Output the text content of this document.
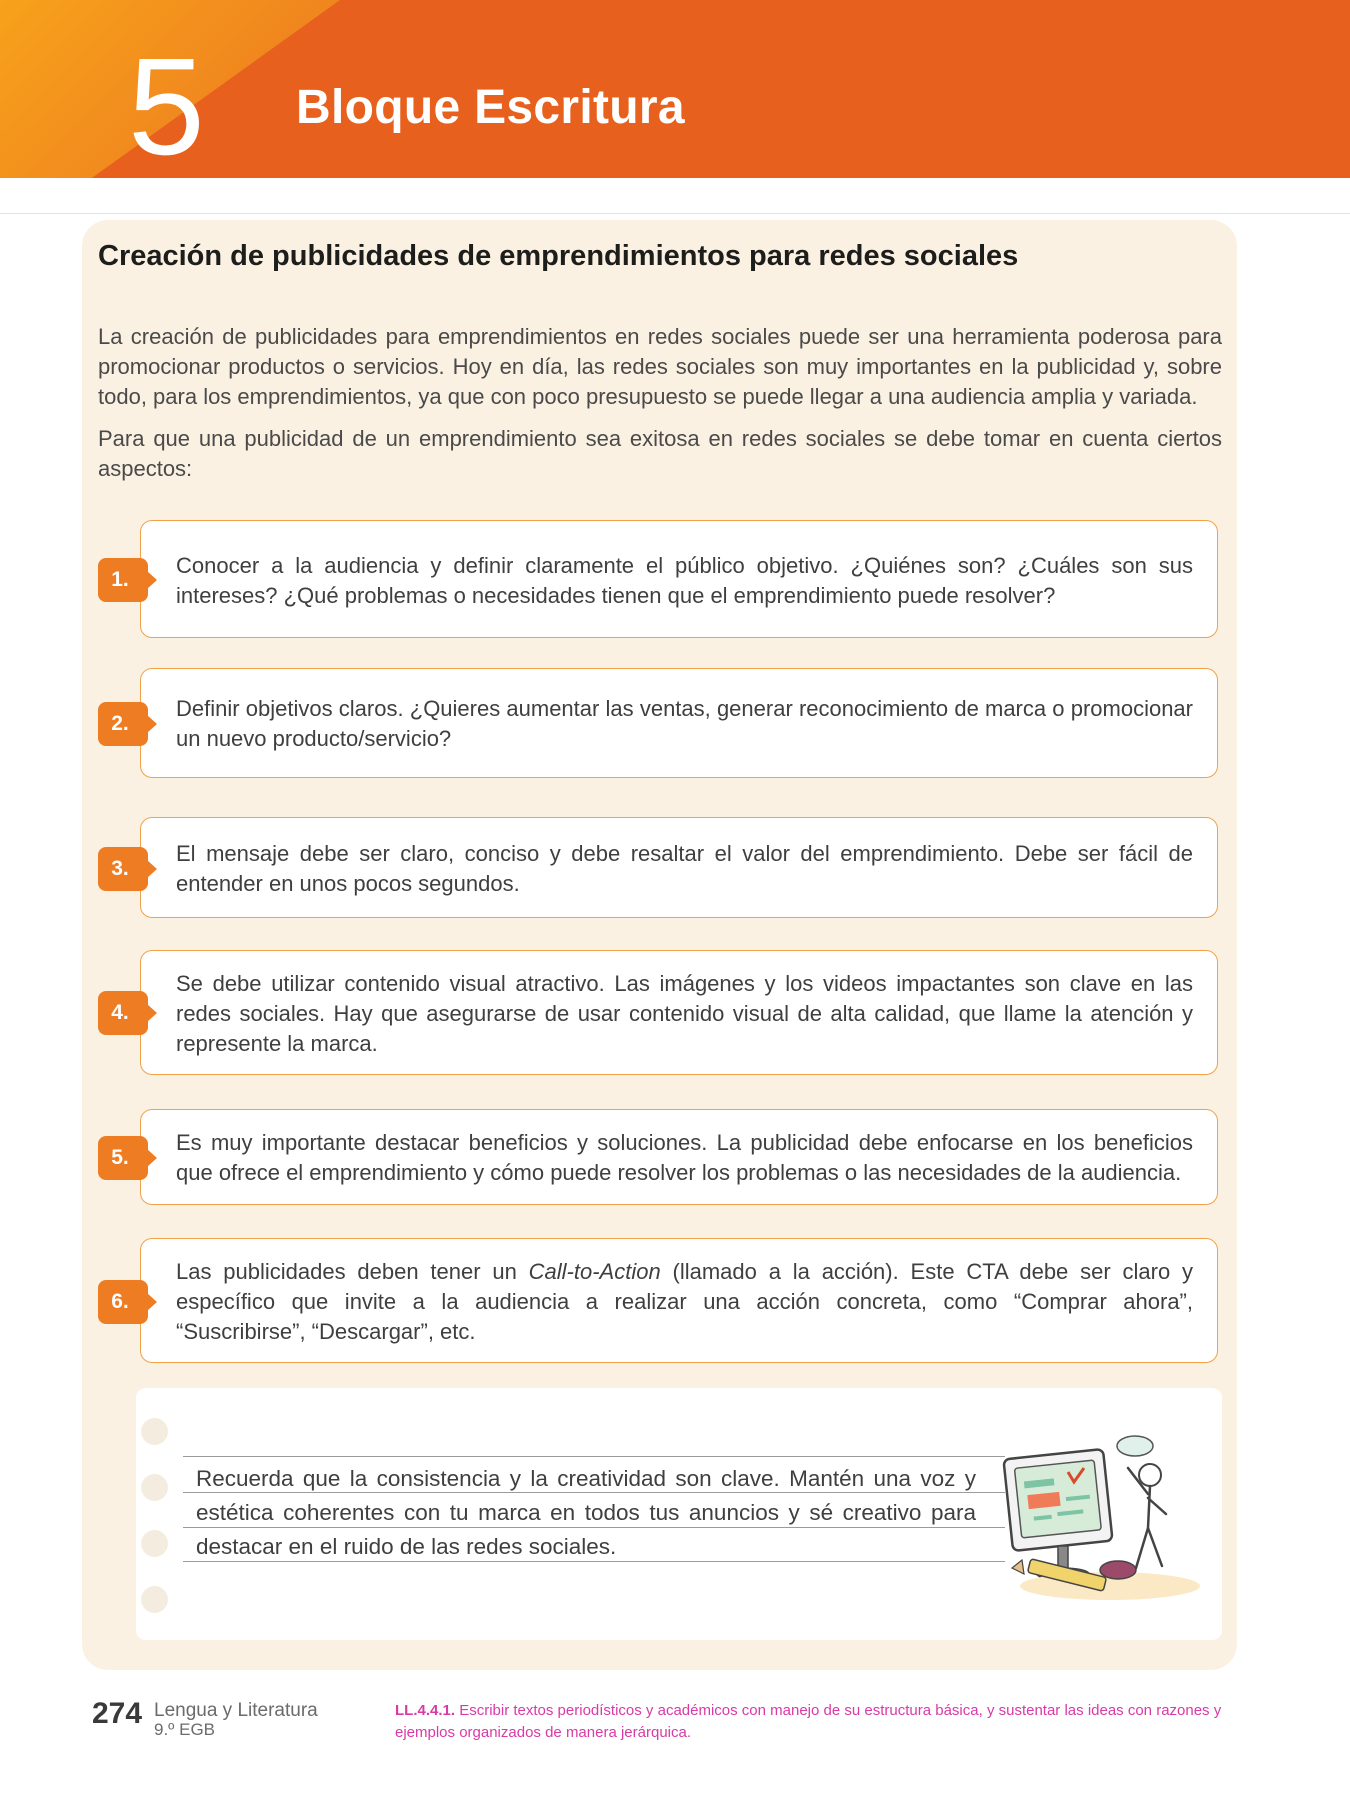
5 Bloque Escritura
Creación de publicidades de emprendimientos para redes sociales

La creación de publicidades para emprendimientos en redes sociales puede ser una herramienta poderosa para promocionar productos o servicios. Hoy en día, las redes sociales son muy importantes en la publicidad y, sobre todo, para los emprendimientos, ya que con poco presupuesto se puede llegar a una audiencia amplia y variada.

Para que una publicidad de un emprendimiento sea exitosa en redes sociales se debe tomar en cuenta ciertos aspectos:

Conocer a la audiencia y definir claramente el público objetivo. ¿Quiénes son? ¿Cuáles son sus intereses? ¿Qué problemas o necesidades tienen que el emprendimiento puede resolver?

1.

Definir objetivos claros. ¿Quieres aumentar las ventas, generar reconocimiento de marca o promocionar un nuevo producto/servicio?

2.

El mensaje debe ser claro, conciso y debe resaltar el valor del emprendimiento. Debe ser fácil de entender en unos pocos segundos.

3.

Se debe utilizar contenido visual atractivo. Las imágenes y los videos impactantes son clave en las redes sociales. Hay que asegurarse de usar contenido visual de alta calidad, que llame la atención y represente la marca.

4.

Es muy importante destacar beneficios y soluciones. La publicidad debe enfocarse en los beneficios que ofrece el emprendimiento y cómo puede resolver los problemas o las necesidades de la audiencia.

5.

Las publicidades deben tener un Call-to-Action (llamado a la acción). Este CTA debe ser claro y específico que invite a la audiencia a realizar una acción concreta, como “Comprar ahora”, “Suscribirse”, “Descargar”, etc.

6.

Recuerda que la consistencia y la creatividad son clave. Mantén una voz y estética coherentes con tu marca en todos tus anuncios y sé creativo para destacar en el ruido de las redes sociales.

274 Lengua y Literatura
9.º EGB
LL.4.4.1. Escribir textos periodísticos y académicos con manejo de su estructura básica, y sustentar las ideas con razones y ejemplos organizados de manera jerárquica.
